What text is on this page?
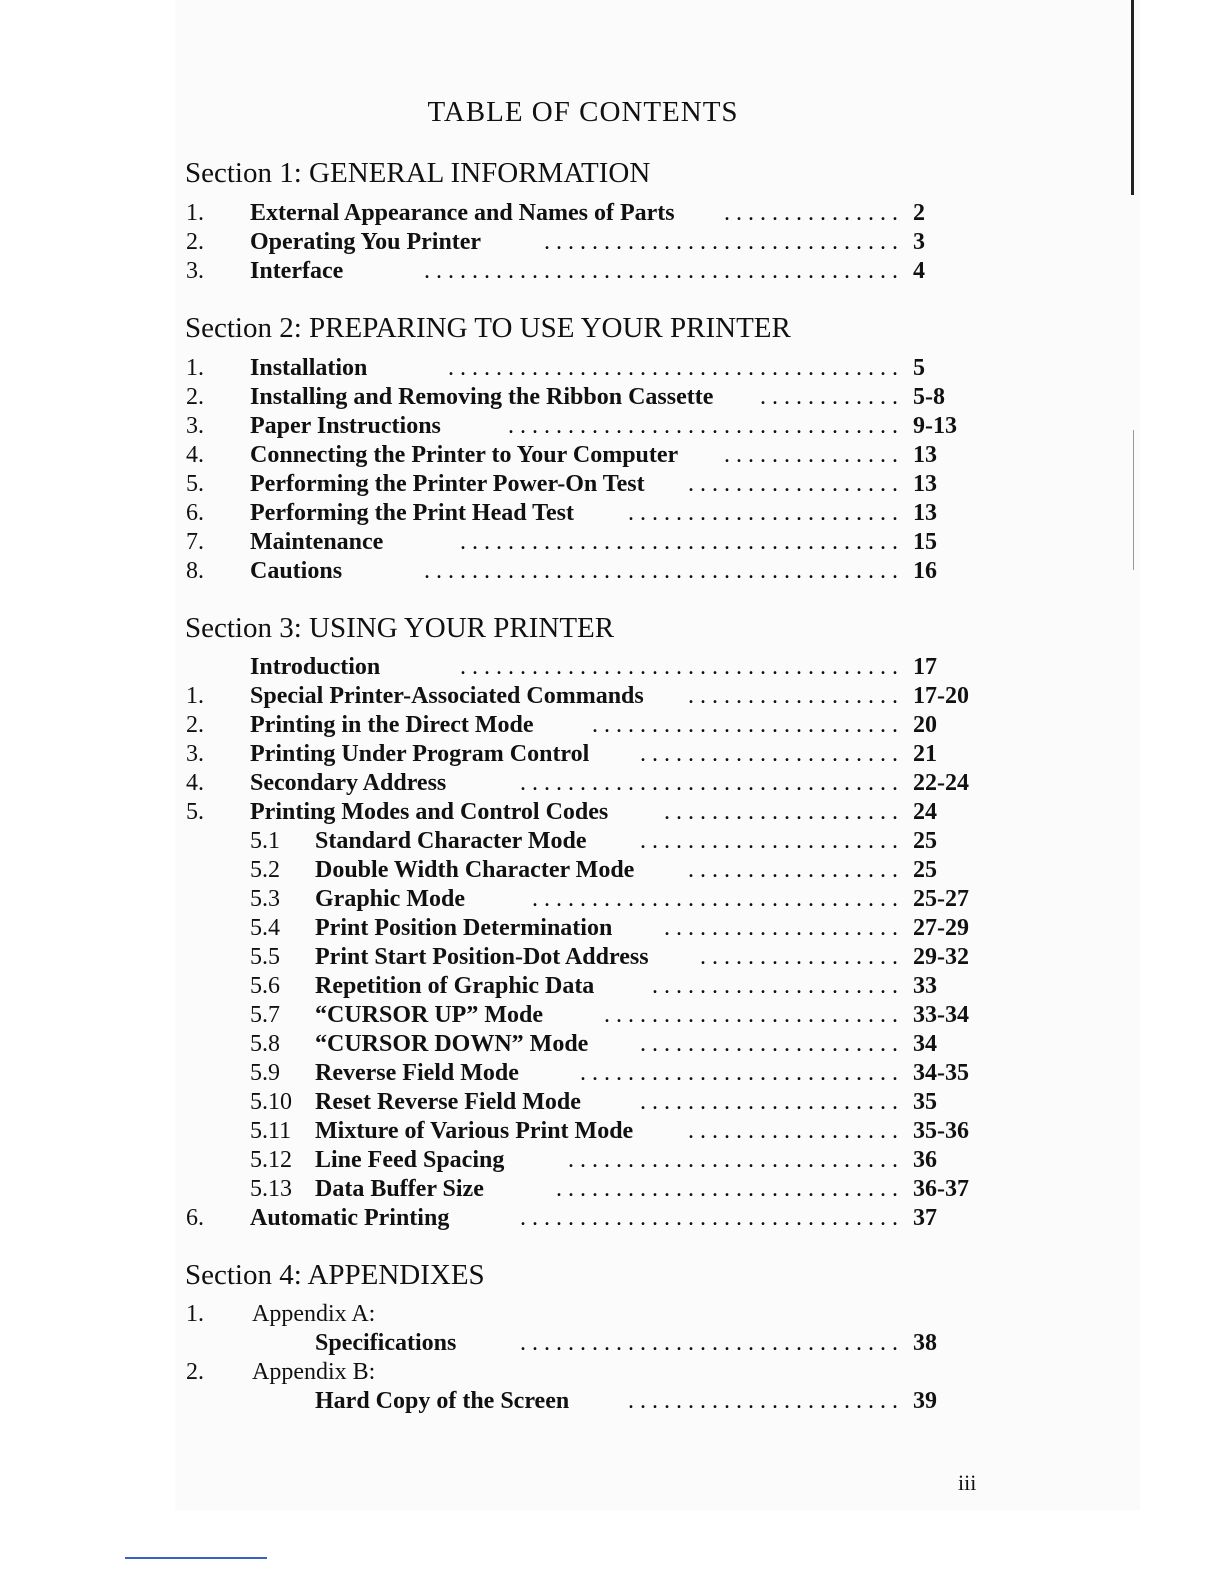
TABLE OF CONTENTS
Section 1: GENERAL INFORMATION
1. External Appearance and Names of Parts	. . . . . . . . . . . . . . . 2
2. Operating You Printer	. . . . . . . . . . . . . . . . . . . . . . . . . . . . . . 3
3. Interface	. . . . . . . . . . . . . . . . . . . . . . . . . . . . . . . . . . . . . . . . 4
Section 2: PREPARING TO USE YOUR PRINTER
1. Installation	. . . . . . . . . . . . . . . . . . . . . . . . . . . . . . . . . . . . . . 5
2. Installing and Removing the Ribbon Cassette	. . . . . . . . . . . . 5-8
3. Paper Instructions	. . . . . . . . . . . . . . . . . . . . . . . . . . . . . . . . . 9-13
4. Connecting the Printer to Your Computer	. . . . . . . . . . . . . . . 13
5. Performing the Printer Power-On Test	. . . . . . . . . . . . . . . . . . 13
6. Performing the Print Head Test	. . . . . . . . . . . . . . . . . . . . . . . 13
7. Maintenance	. . . . . . . . . . . . . . . . . . . . . . . . . . . . . . . . . . . . . 15
8. Cautions	. . . . . . . . . . . . . . . . . . . . . . . . . . . . . . . . . . . . . . . . 16
Section 3: USING YOUR PRINTER
Introduction	. . . . . . . . . . . . . . . . . . . . . . . . . . . . . . . . . . . . . 17
1. Special Printer-Associated Commands	. . . . . . . . . . . . . . . . . . 17-20
2. Printing in the Direct Mode	. . . . . . . . . . . . . . . . . . . . . . . . . . 20
3. Printing Under Program Control	. . . . . . . . . . . . . . . . . . . . . . 21
4. Secondary Address	. . . . . . . . . . . . . . . . . . . . . . . . . . . . . . . . 22-24
5. Printing Modes and Control Codes	. . . . . . . . . . . . . . . . . . . . 24
5.1 Standard Character Mode	. . . . . . . . . . . . . . . . . . . . . . 25
5.2 Double Width Character Mode	. . . . . . . . . . . . . . . . . . 25
5.3 Graphic Mode	. . . . . . . . . . . . . . . . . . . . . . . . . . . . . . . 25-27
5.4 Print Position Determination	. . . . . . . . . . . . . . . . . . . . 27-29
5.5 Print Start Position-Dot Address	. . . . . . . . . . . . . . . . . 29-32
5.6 Repetition of Graphic Data	. . . . . . . . . . . . . . . . . . . . . 33
5.7 “CURSOR UP” Mode	. . . . . . . . . . . . . . . . . . . . . . . . . 33-34
5.8 “CURSOR DOWN” Mode	. . . . . . . . . . . . . . . . . . . . . . 34
5.9 Reverse Field Mode	. . . . . . . . . . . . . . . . . . . . . . . . . . . 34-35
5.10 Reset Reverse Field Mode	. . . . . . . . . . . . . . . . . . . . . . 35
5.11 Mixture of Various Print Mode	. . . . . . . . . . . . . . . . . . 35-36
5.12 Line Feed Spacing	. . . . . . . . . . . . . . . . . . . . . . . . . . . . 36
5.13 Data Buffer Size	. . . . . . . . . . . . . . . . . . . . . . . . . . . . . 36-37
6. Automatic Printing	. . . . . . . . . . . . . . . . . . . . . . . . . . . . . . . . 37
Section 4: APPENDIXES
1. Appendix A:
Specifications	. . . . . . . . . . . . . . . . . . . . . . . . . . . . . . . . 38
2. Appendix B:
Hard Copy of the Screen	. . . . . . . . . . . . . . . . . . . . . . . 39
iii
